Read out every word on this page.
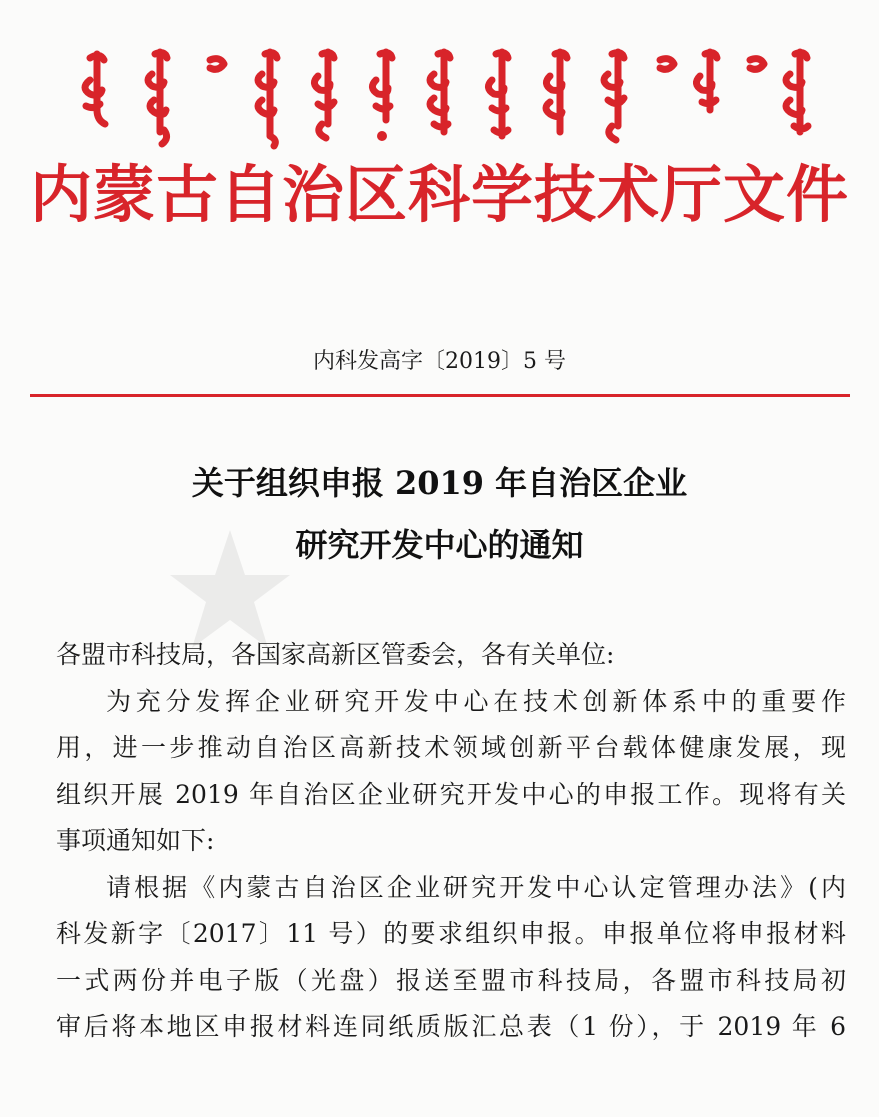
内蒙古自治区科学技术厅文件
内科发高字〔2019〕5 号
关于组织申报 2019 年自治区企业
研究开发中心的通知
各盟市科技局，各国家高新区管委会，各有关单位:
为充分发挥企业研究开发中心在技术创新体系中的重要作
用，进一步推动自治区高新技术领域创新平台载体健康发展，现
组织开展 2019 年自治区企业研究开发中心的申报工作。现将有关
事项通知如下:
请根据《内蒙古自治区企业研究开发中心认定管理办法》(内
科发新字〔2017〕11 号）的要求组织申报。申报单位将申报材料
一式两份并电子版（光盘）报送至盟市科技局，各盟市科技局初
审后将本地区申报材料连同纸质版汇总表（1 份），于 2019 年 6
